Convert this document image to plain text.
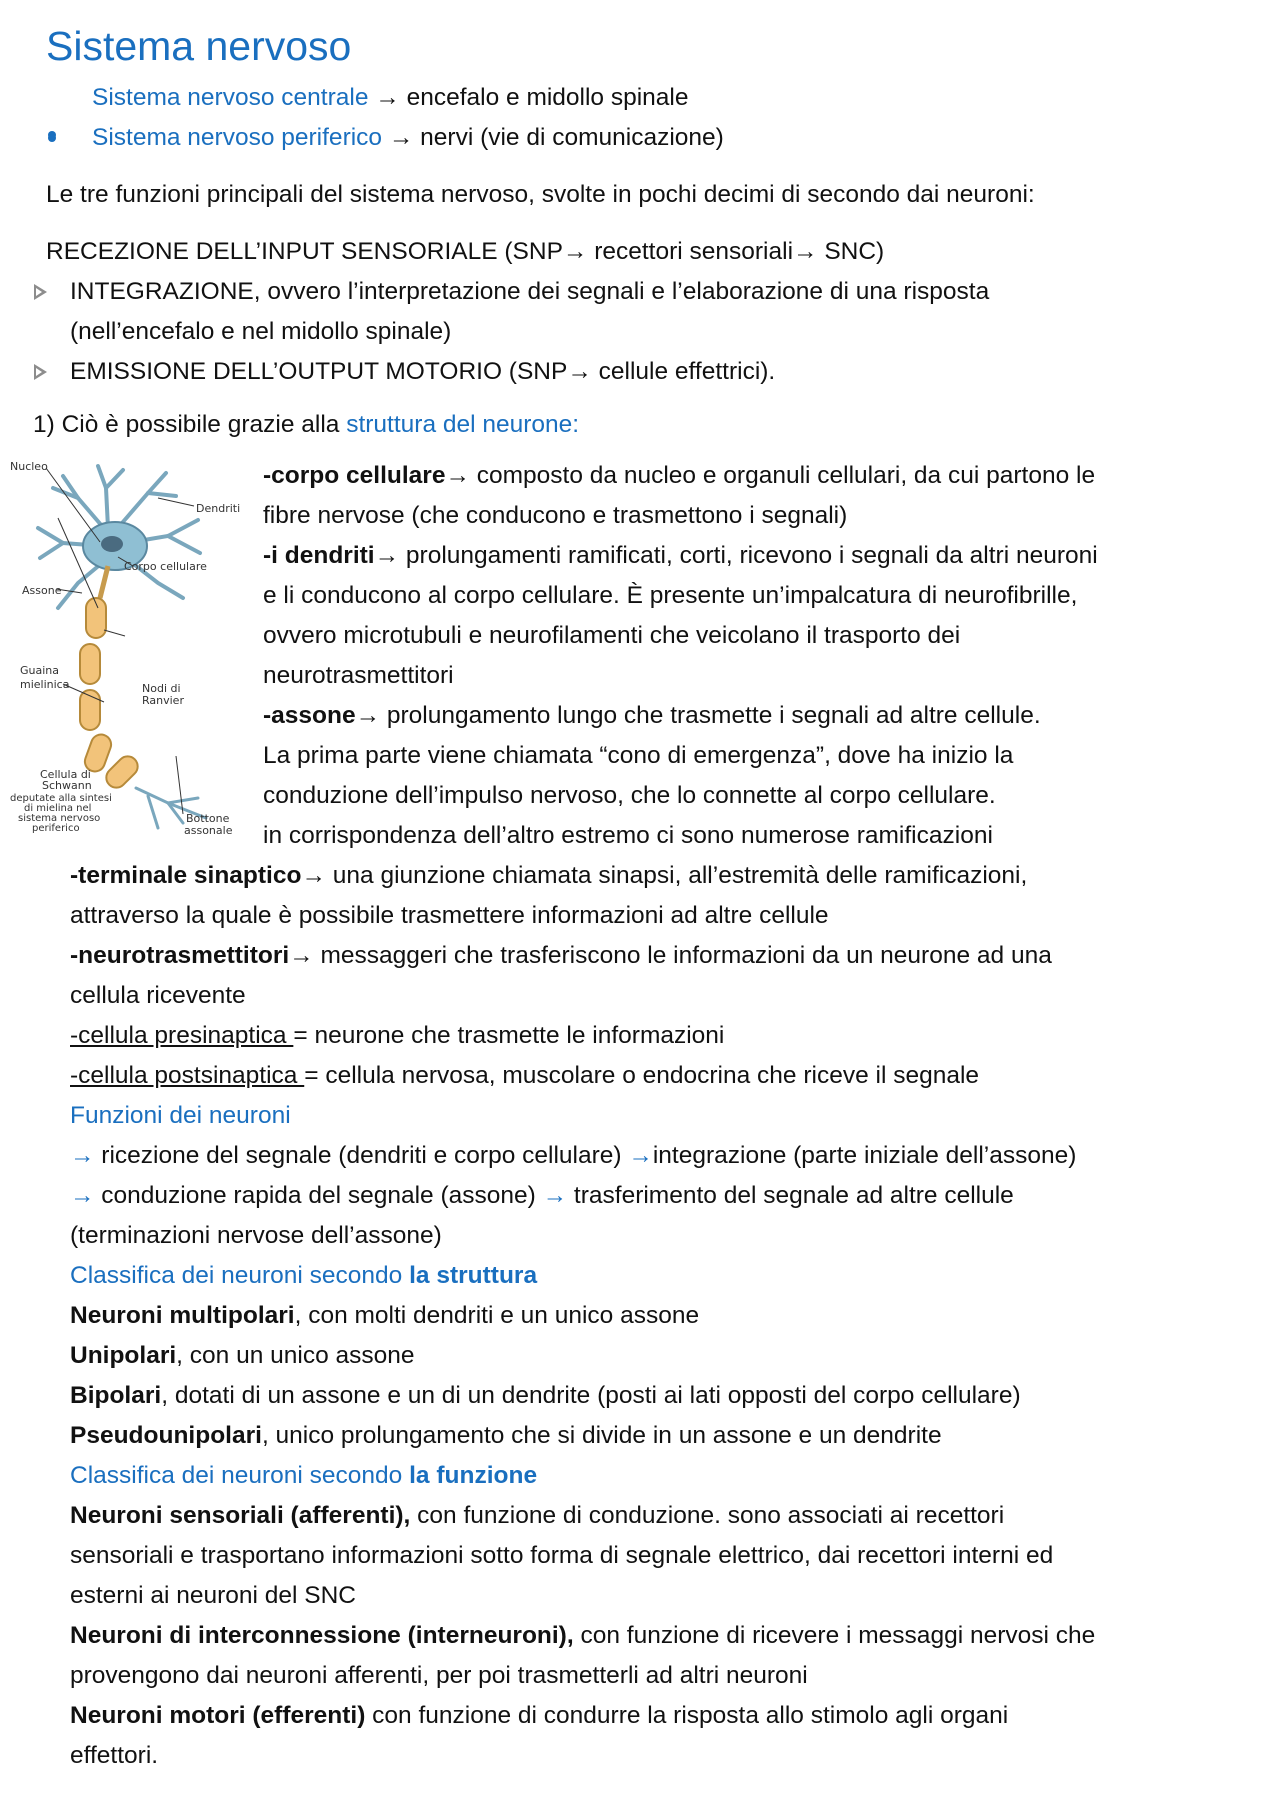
Sistema nervoso
Sistema nervoso centrale → encefalo e midollo spinale
Sistema nervoso periferico → nervi (vie di comunicazione)
Le tre funzioni principali del sistema nervoso, svolte in pochi decimi di secondo dai neuroni:
RECEZIONE DELL’INPUT SENSORIALE (SNP→ recettori sensoriali→ SNC)
INTEGRAZIONE, ovvero l’interpretazione dei segnali e l’elaborazione di una risposta
(nell’encefalo e nel midollo spinale)
EMISSIONE DELL’OUTPUT MOTORIO (SNP→ cellule effettrici).
1) Ciò è possibile grazie alla struttura del neurone:
Nucleo
Dendriti
Corpo cellulare
Assone
Guaina
mielinica	Nodi di
Ranvier
Cellula di
Schwann
deputate alla sintesi
di mielina nel
sistema nervoso
periferico
Bottone
assonale
-corpo cellulare→ composto da nucleo e organuli cellulari, da cui partono le
fibre nervose (che conducono e trasmettono i segnali)
-i dendriti→ prolungamenti ramificati, corti, ricevono i segnali da altri neuroni
e li conducono al corpo cellulare. È presente un’impalcatura di neurofibrille,
ovvero microtubuli e neurofilamenti che veicolano il trasporto dei
neurotrasmettitori
-assone→ prolungamento lungo che trasmette i segnali ad altre cellule.
La prima parte viene chiamata “cono di emergenza”, dove ha inizio la
conduzione dell’impulso nervoso, che lo connette al corpo cellulare.
in corrispondenza dell’altro estremo ci sono numerose ramificazioni
-terminale sinaptico→ una giunzione chiamata sinapsi, all’estremità delle ramificazioni,
attraverso la quale è possibile trasmettere informazioni ad altre cellule
-neurotrasmettitori→ messaggeri che trasferiscono le informazioni da un neurone ad una
cellula ricevente
-cellula presinaptica = neurone che trasmette le informazioni
-cellula postsinaptica = cellula nervosa, muscolare o endocrina che riceve il segnale
Funzioni dei neuroni
→ ricezione del segnale (dendriti e corpo cellulare) →integrazione (parte iniziale dell’assone)
→ conduzione rapida del segnale (assone) → trasferimento del segnale ad altre cellule
(terminazioni nervose dell’assone)
Classifica dei neuroni secondo la struttura
Neuroni multipolari, con molti dendriti e un unico assone
Unipolari, con un unico assone
Bipolari, dotati di un assone e un di un dendrite (posti ai lati opposti del corpo cellulare)
Pseudounipolari, unico prolungamento che si divide in un assone e un dendrite
Classifica dei neuroni secondo la funzione
Neuroni sensoriali (afferenti), con funzione di conduzione. sono associati ai recettori
sensoriali e trasportano informazioni sotto forma di segnale elettrico, dai recettori interni ed
esterni ai neuroni del SNC
Neuroni di interconnessione (interneuroni), con funzione di ricevere i messaggi nervosi che
provengono dai neuroni afferenti, per poi trasmetterli ad altri neuroni
Neuroni motori (efferenti) con funzione di condurre la risposta allo stimolo agli organi
effettori.
